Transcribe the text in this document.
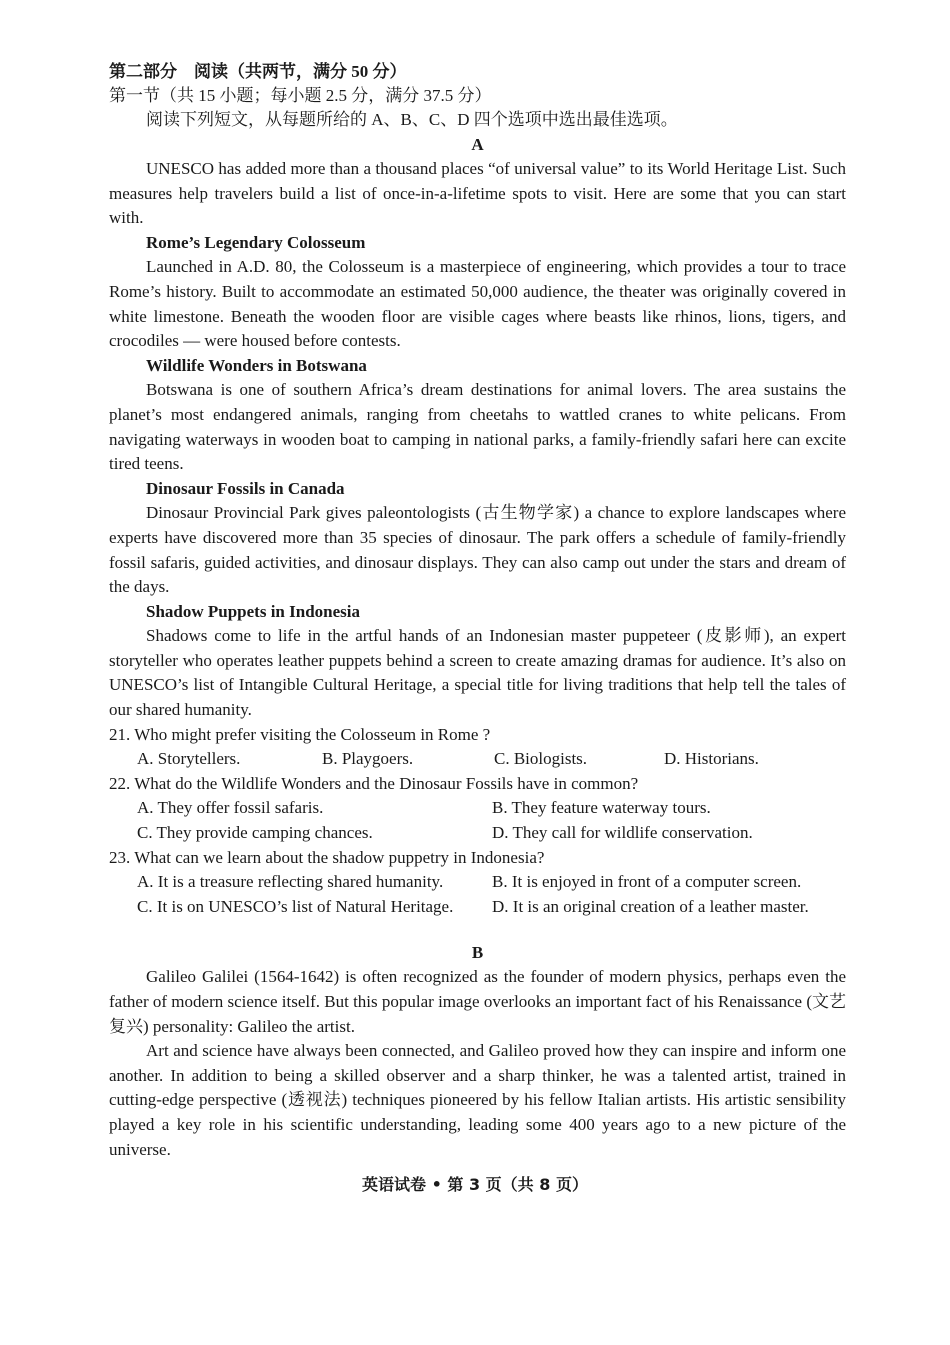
第二部分　阅读（共两节，满分 50 分）
第一节（共 15 小题；每小题 2.5 分，满分 37.5 分）
阅读下列短文，从每题所给的 A、B、C、D 四个选项中选出最佳选项。
A

UNESCO has added more than a thousand places “of universal value” to its World Heritage List. Such measures help travelers build a list of once-in-a-lifetime spots to visit. Here are some that you can start with.

Rome’s Legendary Colosseum

Launched in A.D. 80, the Colosseum is a masterpiece of engineering, which provides a tour to trace Rome’s history. Built to accommodate an estimated 50,000 audience, the theater was originally covered in white limestone. Beneath the wooden floor are visible cages where beasts like rhinos, lions, tigers, and crocodiles — were housed before contests.

Wildlife Wonders in Botswana

Botswana is one of southern Africa’s dream destinations for animal lovers. The area sustains the planet’s most endangered animals, ranging from cheetahs to wattled cranes to white pelicans. From navigating waterways in wooden boat to camping in national parks, a family-friendly safari here can excite tired teens.

Dinosaur Fossils in Canada

Dinosaur Provincial Park gives paleontologists (古生物学家) a chance to explore landscapes where experts have discovered more than 35 species of dinosaur. The park offers a schedule of family-friendly fossil safaris, guided activities, and dinosaur displays. They can also camp out under the stars and dream of the days.

Shadow Puppets in Indonesia

Shadows come to life in the artful hands of an Indonesian master puppeteer (皮影师), an expert storyteller who operates leather puppets behind a screen to create amazing dramas for audience. It’s also on UNESCO’s list of Intangible Cultural Heritage, a special title for living traditions that help tell the tales of our shared humanity.

21. Who might prefer visiting the Colosseum in Rome ?
A. Storytellers.	B. Playgoers.	C. Biologists.	D. Historians.
22. What do the Wildlife Wonders and the Dinosaur Fossils have in common?
A. They offer fossil safaris.	B. They feature waterway tours.
C. They provide camping chances.	D. They call for wildlife conservation.
23. What can we learn about the shadow puppetry in Indonesia?
A. It is a treasure reflecting shared humanity.	B. It is enjoyed in front of a computer screen.
C. It is on UNESCO’s list of Natural Heritage.	D. It is an original creation of a leather master.
B

Galileo Galilei (1564-1642) is often recognized as the founder of modern physics, perhaps even the father of modern science itself. But this popular image overlooks an important fact of his Renaissance (文艺复兴) personality: Galileo the artist.

Art and science have always been connected, and Galileo proved how they can inspire and inform one another. In addition to being a skilled observer and a sharp thinker, he was a talented artist, trained in cutting-edge perspective (透视法) techniques pioneered by his fellow Italian artists. His artistic sensibility played a key role in his scientific understanding, leading some 400 years ago to a new picture of the universe.

英语试卷 • 第 3 页（共 8 页）
